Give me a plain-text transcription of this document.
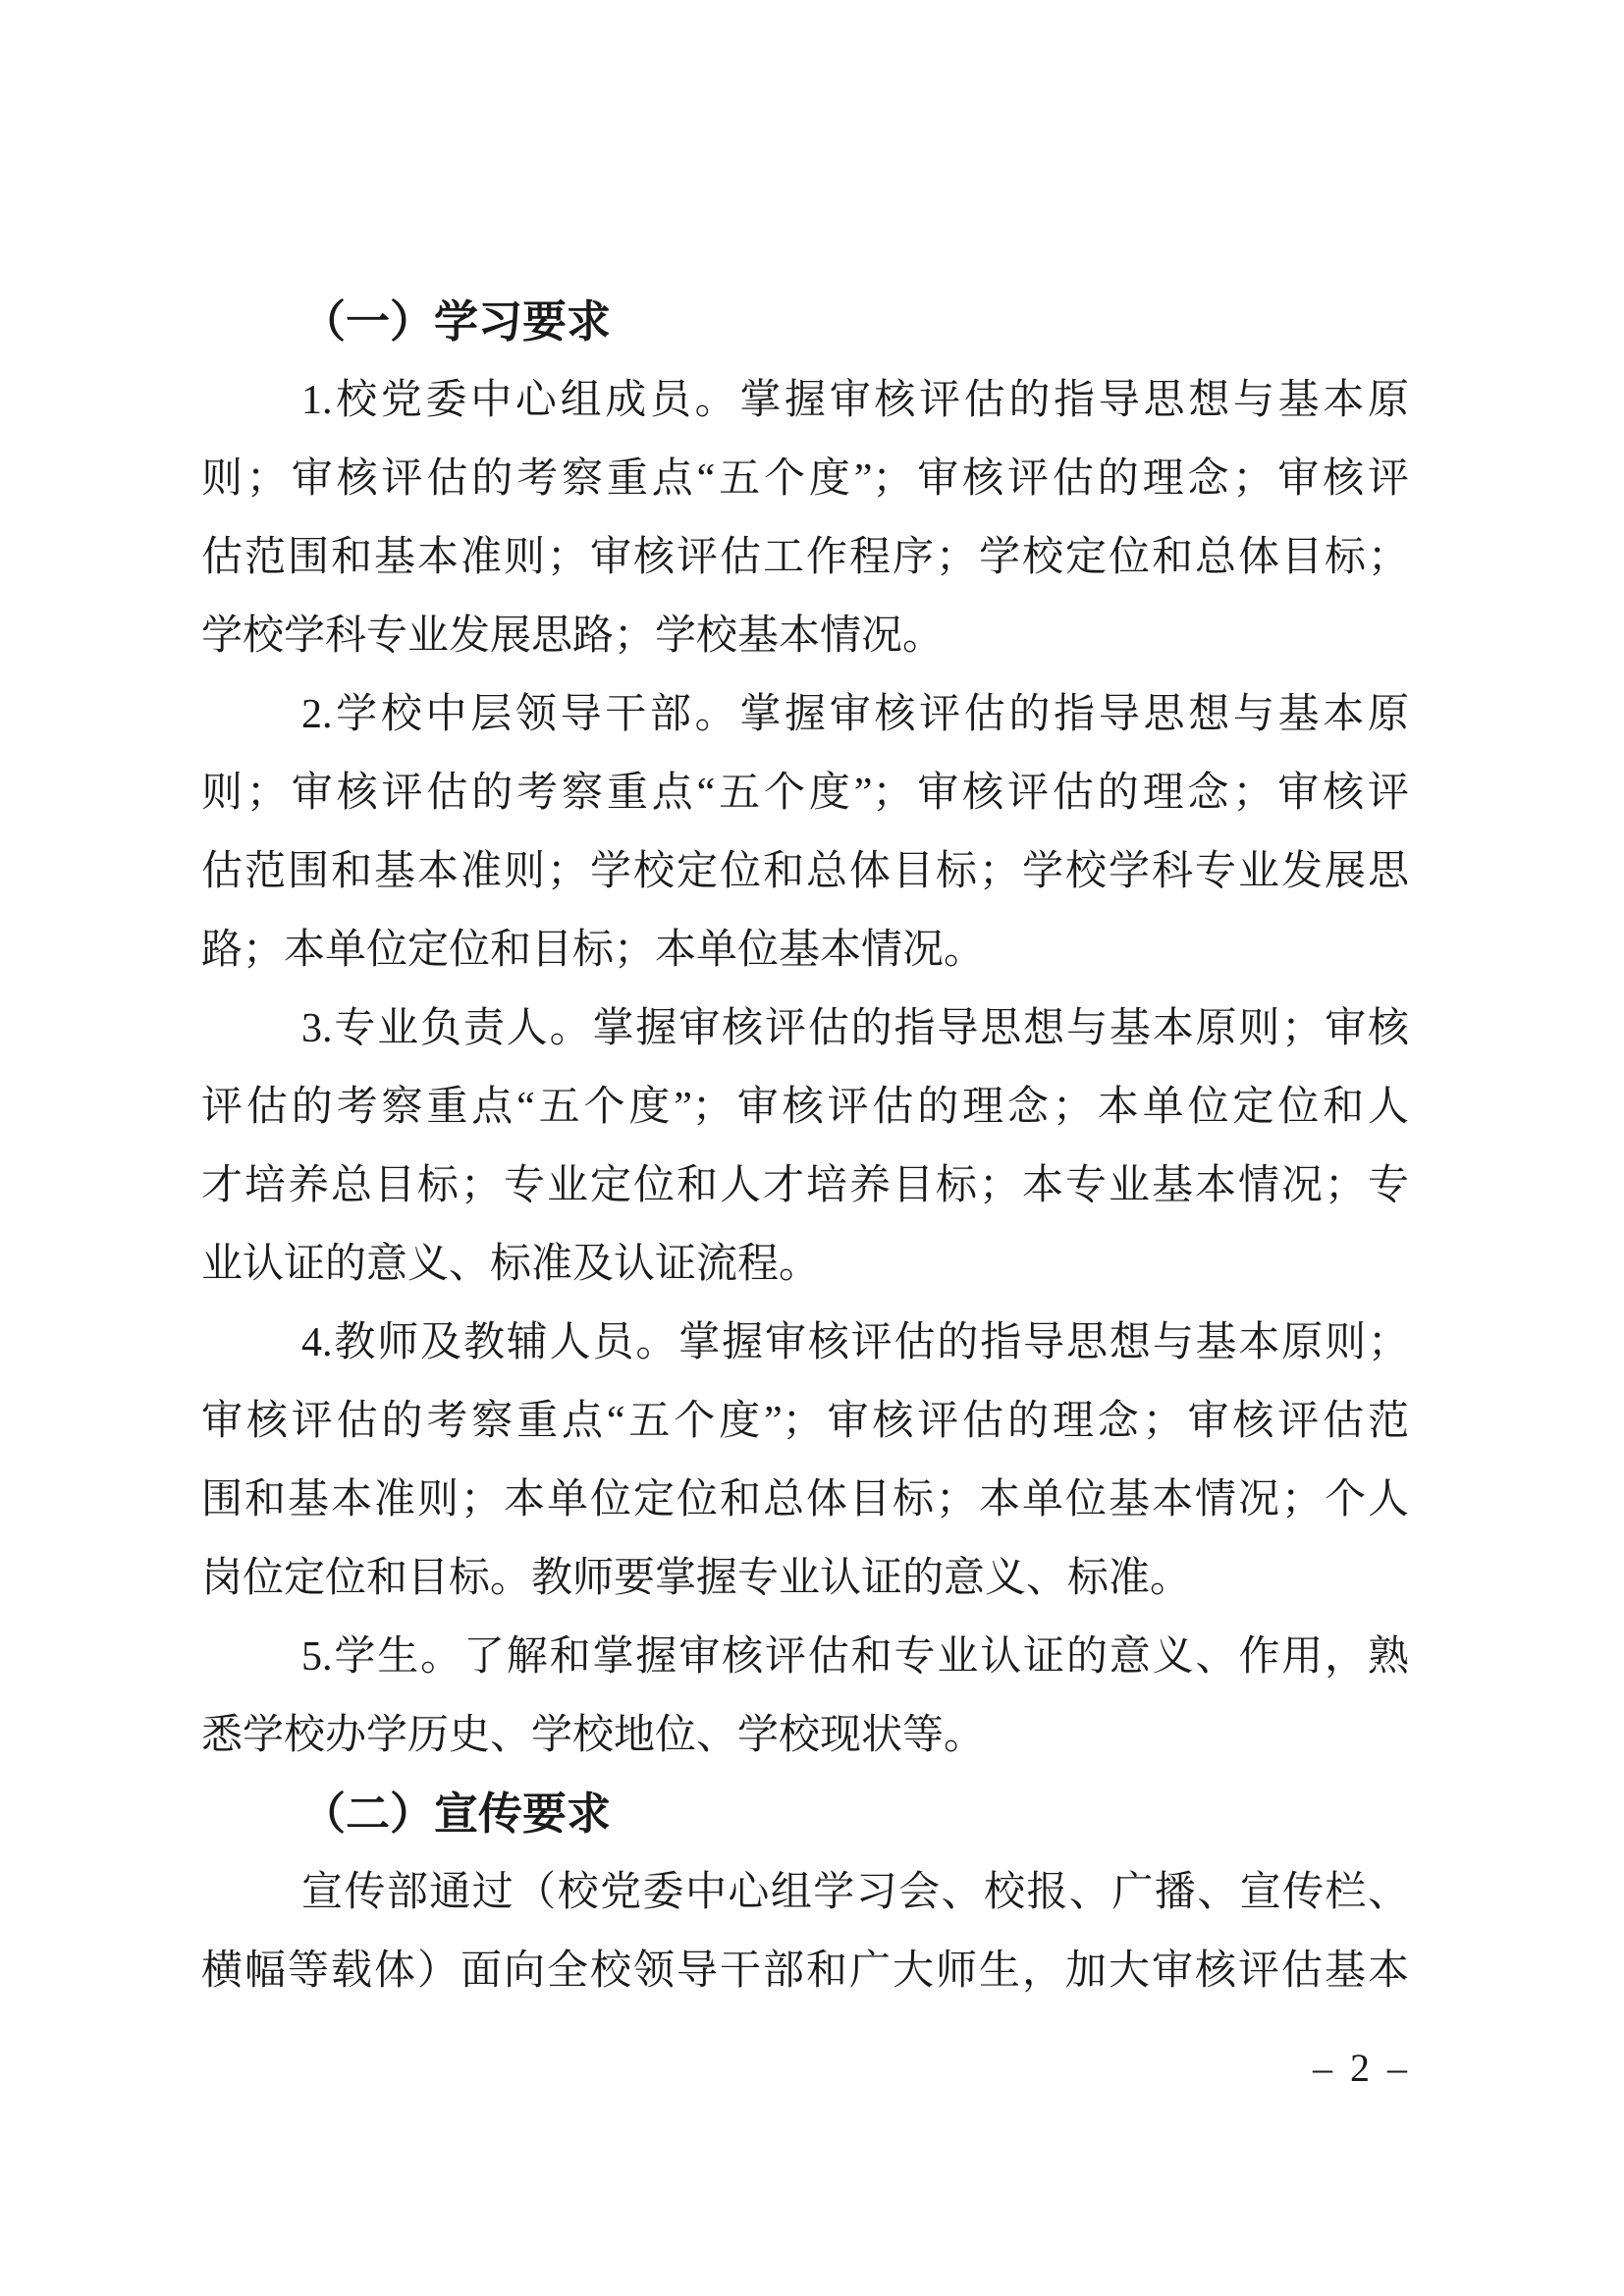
（一）学习要求
1.校党委中心组成员。掌握审核评估的指导思想与基本原
则；审核评估的考察重点“五个度”；审核评估的理念；审核评
估范围和基本准则；审核评估工作程序；学校定位和总体目标；
学校学科专业发展思路；学校基本情况。
2.学校中层领导干部。掌握审核评估的指导思想与基本原
则；审核评估的考察重点“五个度”；审核评估的理念；审核评
估范围和基本准则；学校定位和总体目标；学校学科专业发展思
路；本单位定位和目标；本单位基本情况。
3.专业负责人。掌握审核评估的指导思想与基本原则；审核
评估的考察重点“五个度”；审核评估的理念；本单位定位和人
才培养总目标；专业定位和人才培养目标；本专业基本情况；专
业认证的意义、标准及认证流程。
4.教师及教辅人员。掌握审核评估的指导思想与基本原则；
审核评估的考察重点“五个度”；审核评估的理念；审核评估范
围和基本准则；本单位定位和总体目标；本单位基本情况；个人
岗位定位和目标。教师要掌握专业认证的意义、标准。
5.学生。了解和掌握审核评估和专业认证的意义、作用，熟
悉学校办学历史、学校地位、学校现状等。
（二）宣传要求
宣传部通过（校党委中心组学习会、校报、广播、宣传栏、
横幅等载体）面向全校领导干部和广大师生，加大审核评估基本
– 2 –
